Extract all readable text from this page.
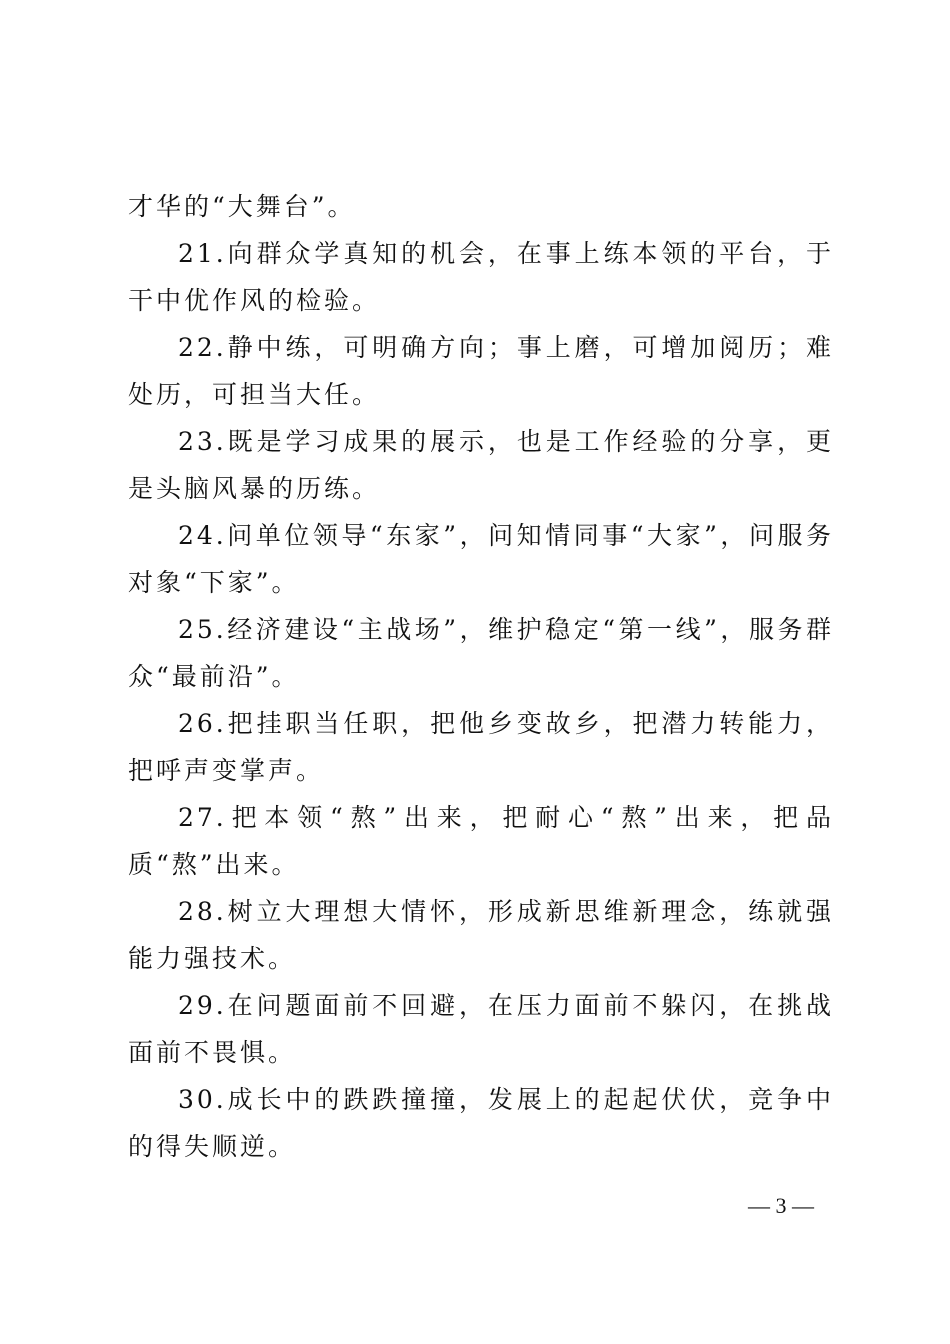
才华的“大舞台”。

21.向群众学真知的机会，在事上练本领的平台，于干中优作风的检验。

22.静中练，可明确方向；事上磨，可增加阅历；难处历，可担当大任。

23.既是学习成果的展示，也是工作经验的分享，更是头脑风暴的历练。

24.问单位领导“东家”，问知情同事“大家”，问服务对象“下家”。

25.经济建设“主战场”，维护稳定“第一线”，服务群众“最前沿”。

26.把挂职当任职，把他乡变故乡，把潜力转能力，把呼声变掌声。

27.把本领“熬”出来，把耐心“熬”出来，把品质“熬”出来。

28.树立大理想大情怀，形成新思维新理念，练就强能力强技术。

29.在问题面前不回避，在压力面前不躲闪，在挑战面前不畏惧。

30.成长中的跌跌撞撞，发展上的起起伏伏，竞争中的得失顺逆。

— 3 —
